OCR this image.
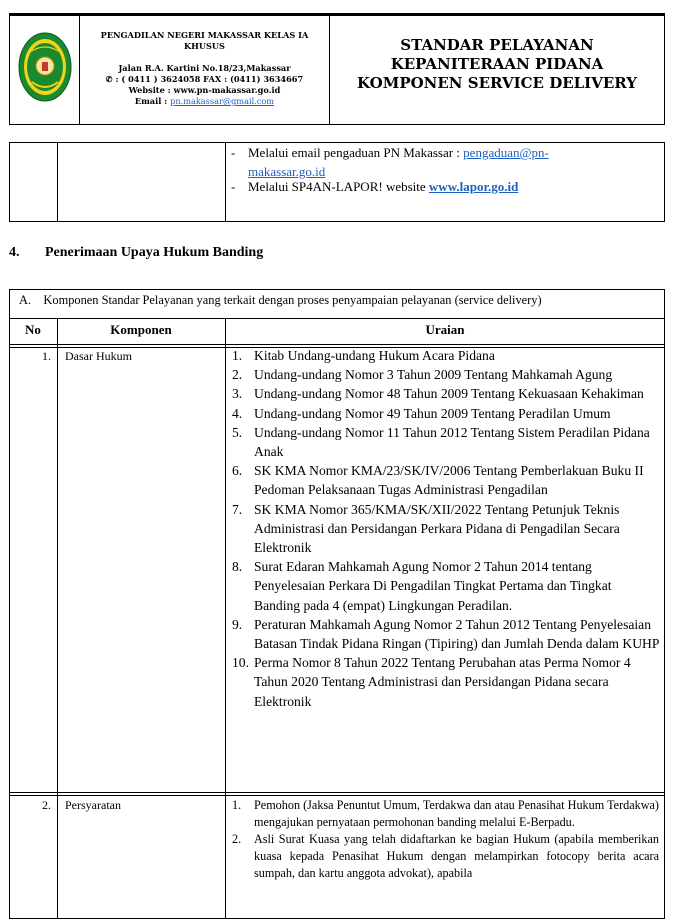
PENGADILAN NEGERI MAKASSAR KELAS IA KHUSUS
Jalan R.A. Kartini No.18/23,Makassar
✆ : ( 0411 ) 3624058 FAX : (0411) 3634667
Website : www.pn-makassar.go.id
Email : pn.makassar@gmail.com
STANDAR PELAYANAN
KEPANITERAAN PIDANA
KOMPONEN SERVICE DELIVERY
- Melalui email pengaduan PN Makassar : pengaduan@pn-
makassar.go.id
- Melalui SP4AN-LAPOR! website www.lapor.go.id
4. Penerimaan Upaya Hukum Banding
A.    Komponen Standar Pelayanan yang terkait dengan proses penyampaian pelayanan (service delivery)
No	Komponen	Uraian
1. Dasar Hukum	1. Kitab Undang-undang Hukum Acara Pidana
2. Undang-undang Nomor 3 Tahun 2009 Tentang Mahkamah Agung
3. Undang-undang Nomor 48 Tahun 2009 Tentang Kekuasaan Kehakiman
4. Undang-undang Nomor 49 Tahun 2009 Tentang Peradilan Umum
5. Undang-undang Nomor 11 Tahun 2012 Tentang Sistem Peradilan Pidana Anak
6. SK KMA Nomor KMA/23/SK/IV/2006 Tentang Pemberlakuan Buku II Pedoman Pelaksanaan Tugas Administrasi Pengadilan
7. SK KMA Nomor 365/KMA/SK/XII/2022 Tentang Petunjuk Teknis Administrasi dan Persidangan Perkara Pidana di Pengadilan Secara Elektronik
8. Surat Edaran Mahkamah Agung Nomor 2 Tahun 2014 tentang Penyelesaian Perkara Di Pengadilan Tingkat Pertama dan Tingkat Banding pada 4 (empat) Lingkungan Peradilan.
9. Peraturan Mahkamah Agung Nomor 2 Tahun 2012 Tentang Penyelesaian Batasan Tindak Pidana Ringan (Tipiring) dan Jumlah Denda dalam KUHP
10. Perma Nomor 8 Tahun 2022 Tentang Perubahan atas Perma Nomor 4 Tahun 2020 Tentang Administrasi dan Persidangan Pidana secara Elektronik
2. Persyaratan	1. Pemohon (Jaksa Penuntut Umum, Terdakwa dan atau Penasihat Hukum Terdakwa) mengajukan pernyataan permohonan banding melalui E-Berpadu.
2. Asli Surat Kuasa yang telah didaftarkan ke bagian Hukum (apabila memberikan kuasa kepada Penasihat Hukum dengan melampirkan fotocopy berita acara sumpah, dan kartu anggota advokat), apabila
